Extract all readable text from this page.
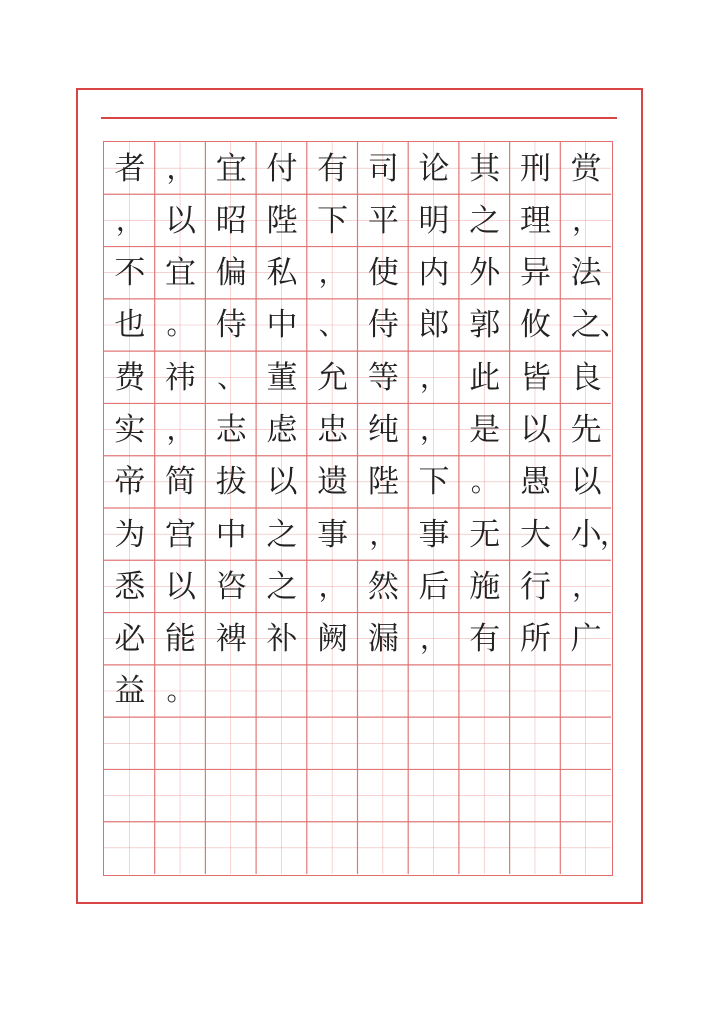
者 ， 宜 付 有 司 论 其 刑 赏
， 以 昭 陛 下 平 明 之 理 ，
不 宜 偏 私 ， 使 内 外 异 法
也 。 侍 中 、 侍 郎 郭 攸 之
、
费 祎 、 董 允 等 ， 此 皆 良
实 ， 志 虑 忠 纯 ， 是 以 先
帝 简 拔 以 遗 陛 下 。 愚 以
为 宫 中 之 事 ， 事 无 大 小
，
悉 以 咨 之 ， 然 后 施 行 ，
必 能 裨 补 阙 漏 ， 有 所 广
益 。
